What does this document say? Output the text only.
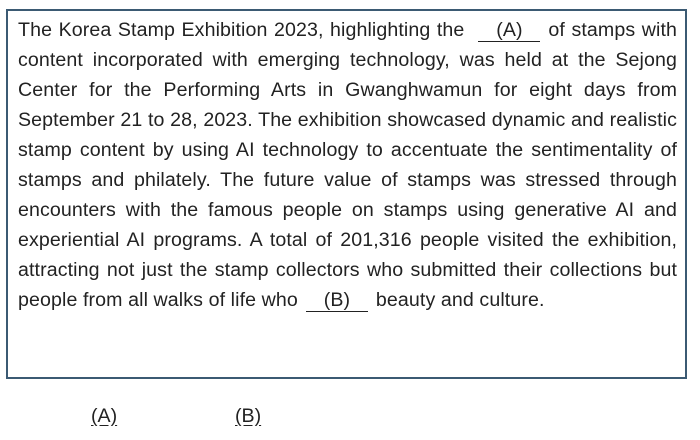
The Korea Stamp Exhibition 2023, highlighting the (A) of stamps with content incorporated with emerging technology, was held at the Sejong Center for the Performing Arts in Gwanghwamun for eight days from September 21 to 28, 2023. The exhibition showcased dynamic and realistic stamp content by using AI technology to accentuate the sentimentality of stamps and philately. The future value of stamps was stressed through encounters with the famous people on stamps using generative AI and experiential AI programs. A total of 201,316 people visited the exhibition, attracting not just the stamp collectors who submitted their collections but people from all walks of life who (B) beauty and culture.

(A)	(B)
